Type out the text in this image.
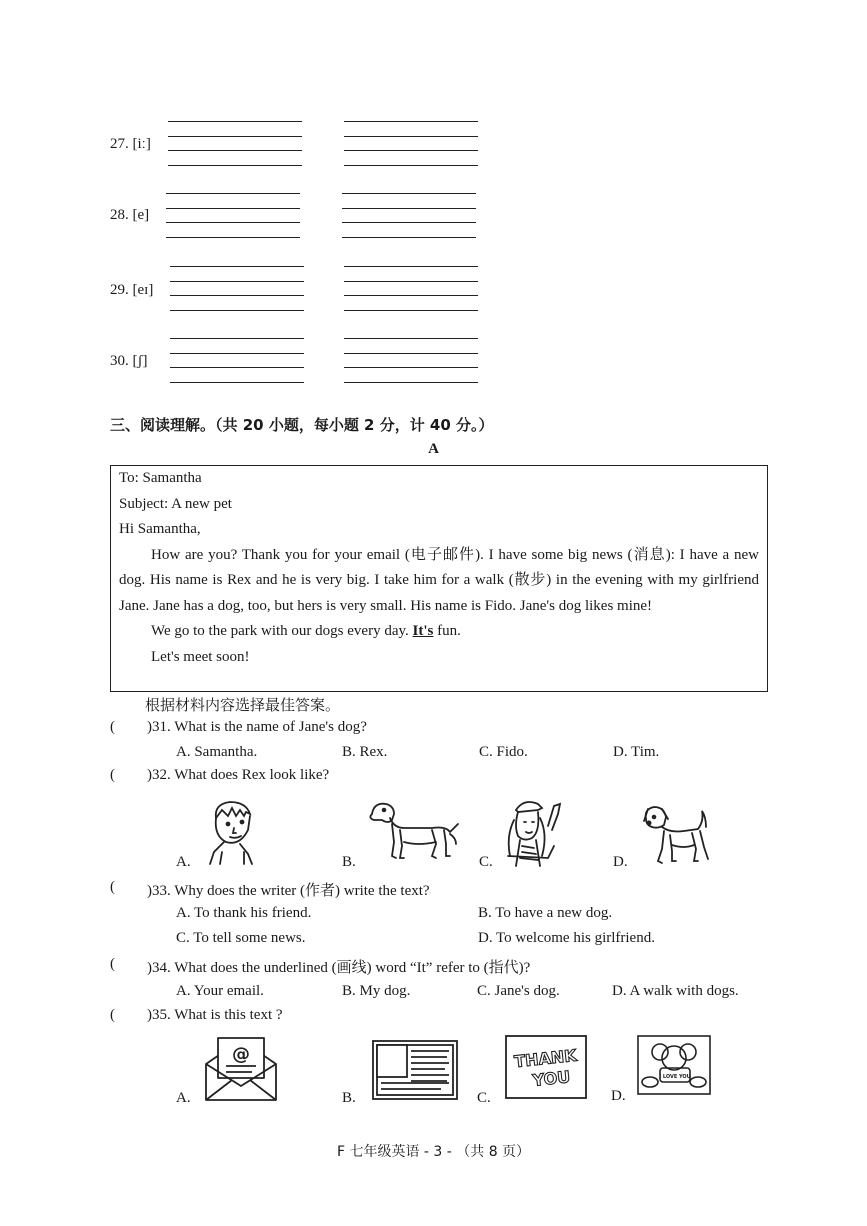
27. [iː]
28. [e]
29. [eɪ]
30. [ʃ]
三、阅读理解。（共 20 小题，每小题 2 分，计 40 分。）
A

To: Samantha

Subject: A new pet

Hi Samantha,

How are you? Thank you for your email (电子邮件). I have some big news (消息): I have a new dog. His name is Rex and he is very big. I take him for a walk (散步) in the evening with my girlfriend Jane. Jane has a dog, too, but hers is very small. His name is Fido. Jane's dog likes mine!

We go to the park with our dogs every day. It's fun.

Let's meet soon!

根据材料内容选择最佳答案。
( )31. What is the name of Jane's dog?
A. Samantha.	B. Rex.	C. Fido.	D. Tim.
( )32. What does Rex look like?
A.	B.	C.	D.
( )33. Why does the writer (作者) write the text?
A. To thank his friend.	B. To have a new dog.
C. To tell some news.	D. To welcome his girlfriend.
( )34. What does the underlined (画线) word “It” refer to (指代)?
A. Your email.	B. My dog.	C. Jane's dog.	D. A walk with dogs.
( )35. What is this text ?
A.	B.	C.	D.
@	THANK
YOU	I LOVE YOU
F 七年级英语 - 3 - （共 8 页）
